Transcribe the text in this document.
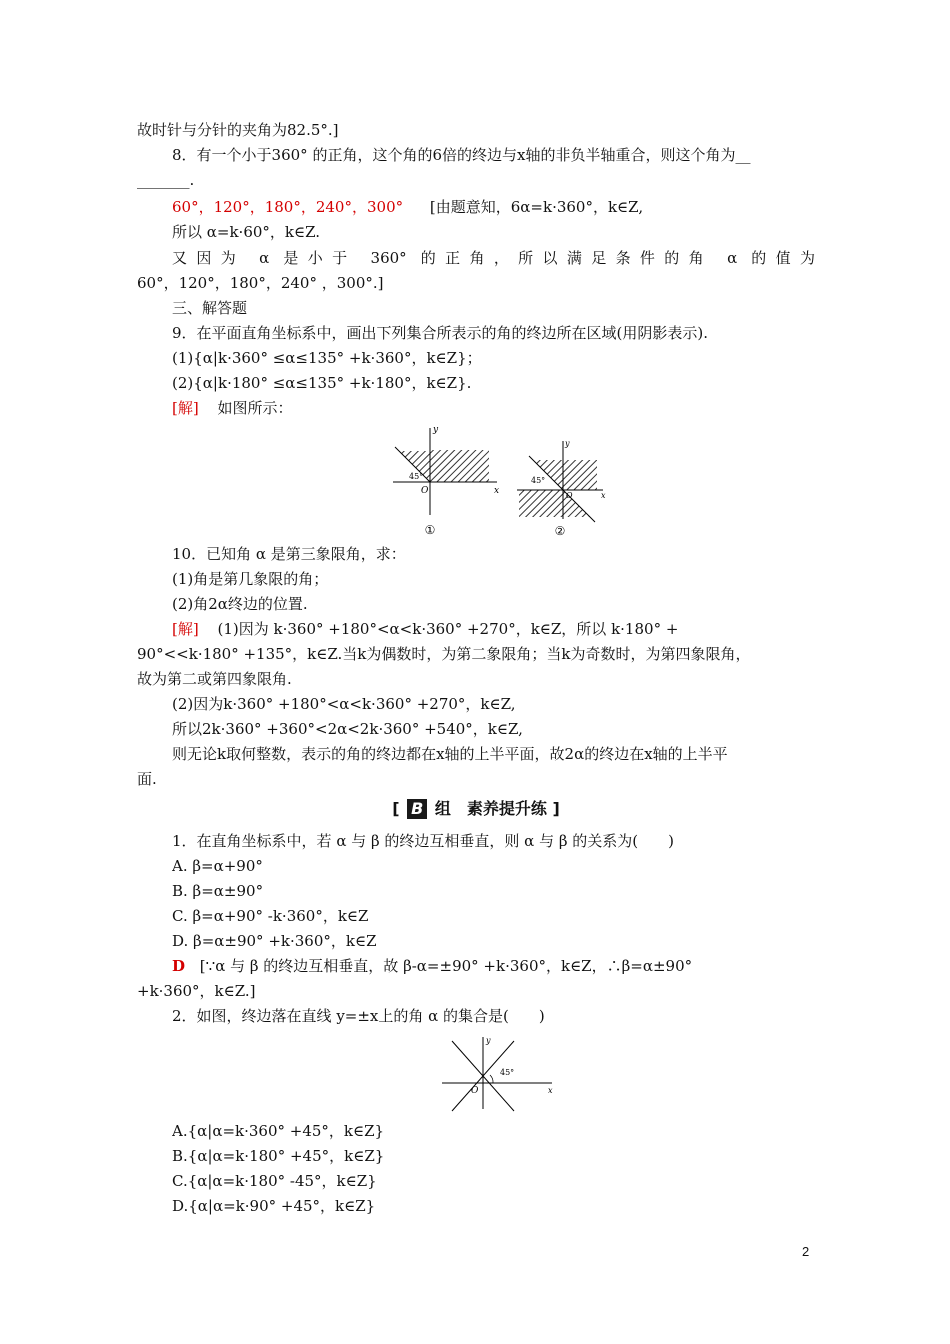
故时针与分针的夹角为82.5°.]
8．有一个小于360° 的正角，这个角的6倍的终边与x轴的非负半轴重合，则这个角为__
_______.
60°，120°，180°，240°，300° [由题意知，6α=k·360°，k∈Z,
所以 α=k·60°，k∈Z.
又因为 α 是小于 360° 的正角，所以满足条件的角 α 的值为
60°，120°，180°，240° ，300°.]
三、解答题
9．在平面直角坐标系中，画出下列集合所表示的角的终边所在区域(用阴影表示).
(1){α|k·360° ≤α≤135° +k·360°，k∈Z}；
(2){α|k·180° ≤α≤135° +k·180°，k∈Z}.
[解] 如图所示：
x
y
O
45°
①
x
y
O
45°
②
10．已知角 α 是第三象限角，求：
(1)角是第几象限的角；
(2)角2α终边的位置.
[解] (1)因为 k·360° +180°<α<k·360° +270°，k∈Z，所以 k·180° +
90°<<k·180° +135°，k∈Z.当k为偶数时，为第二象限角；当k为奇数时，为第四象限角，
故为第二或第四象限角.
(2)因为k·360° +180°<α<k·360° +270°，k∈Z,
所以2k·360° +360°<2α<2k·360° +540°，k∈Z,
则无论k取何整数，表示的角的终边都在x轴的上半平面，故2α的终边在x轴的上半平
面.
[ B 组　素养提升练 ]
1．在直角坐标系中，若 α 与 β 的终边互相垂直，则 α 与 β 的关系为(　　)
A. β=α+90°
B. β=α±90°
C. β=α+90° -k·360°，k∈Z
D. β=α±90° +k·360°，k∈Z
D [∵α 与 β 的终边互相垂直，故 β-α=±90° +k·360°，k∈Z，∴β=α±90°
+k·360°，k∈Z.]
2．如图，终边落在直线 y=±x上的角 α 的集合是(　　)
x
y
O
45°
A.{α|α=k·360° +45°，k∈Z}
B.{α|α=k·180° +45°，k∈Z}
C.{α|α=k·180° -45°，k∈Z}
D.{α|α=k·90° +45°，k∈Z}
2
